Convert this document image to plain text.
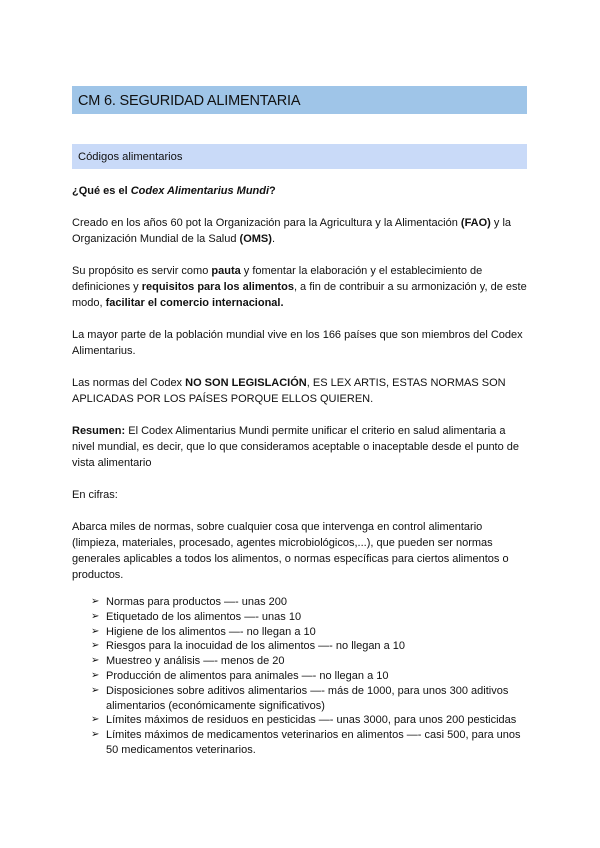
CM 6. SEGURIDAD ALIMENTARIA
Códigos alimentarios

¿Qué es el Codex Alimentarius Mundi?

Creado en los años 60 pot la Organización para la Agricultura y la Alimentación (FAO) y la Organización Mundial de la Salud (OMS).

Su propósito es servir como pauta y fomentar la elaboración y el establecimiento de definiciones y requisitos para los alimentos, a fin de contribuir a su armonización y, de este modo, facilitar el comercio internacional.

La mayor parte de la población mundial vive en los 166 países que son miembros del Codex Alimentarius.

Las normas del Codex NO SON LEGISLACIÓN, ES LEX ARTIS, ESTAS NORMAS SON APLICADAS POR LOS PAÍSES PORQUE ELLOS QUIEREN.

Resumen: El Codex Alimentarius Mundi permite unificar el criterio en salud alimentaria a nivel mundial, es decir, que lo que consideramos aceptable o inaceptable desde el punto de vista alimentario

En cifras:

Abarca miles de normas, sobre cualquier cosa que intervenga en control alimentario (limpieza, materiales, procesado, agentes microbiológicos,...), que pueden ser normas generales aplicables a todos los alimentos, o normas específicas para ciertos alimentos o productos.

➢ Normas para productos —- unas 200
➢ Etiquetado de los alimentos —- unas 10
➢ Higiene de los alimentos —- no llegan a 10
➢ Riesgos para la inocuidad de los alimentos —- no llegan a 10
➢ Muestreo y análisis —- menos de 20
➢ Producción de alimentos para animales —- no llegan a 10
➢ Disposiciones sobre aditivos alimentarios —- más de 1000, para unos 300 aditivos alimentarios (económicamente significativos)
➢ Límites máximos de residuos en pesticidas —- unas 3000, para unos 200 pesticidas
➢ Límites máximos de medicamentos veterinarios en alimentos —- casi 500, para unos 50 medicamentos veterinarios.
